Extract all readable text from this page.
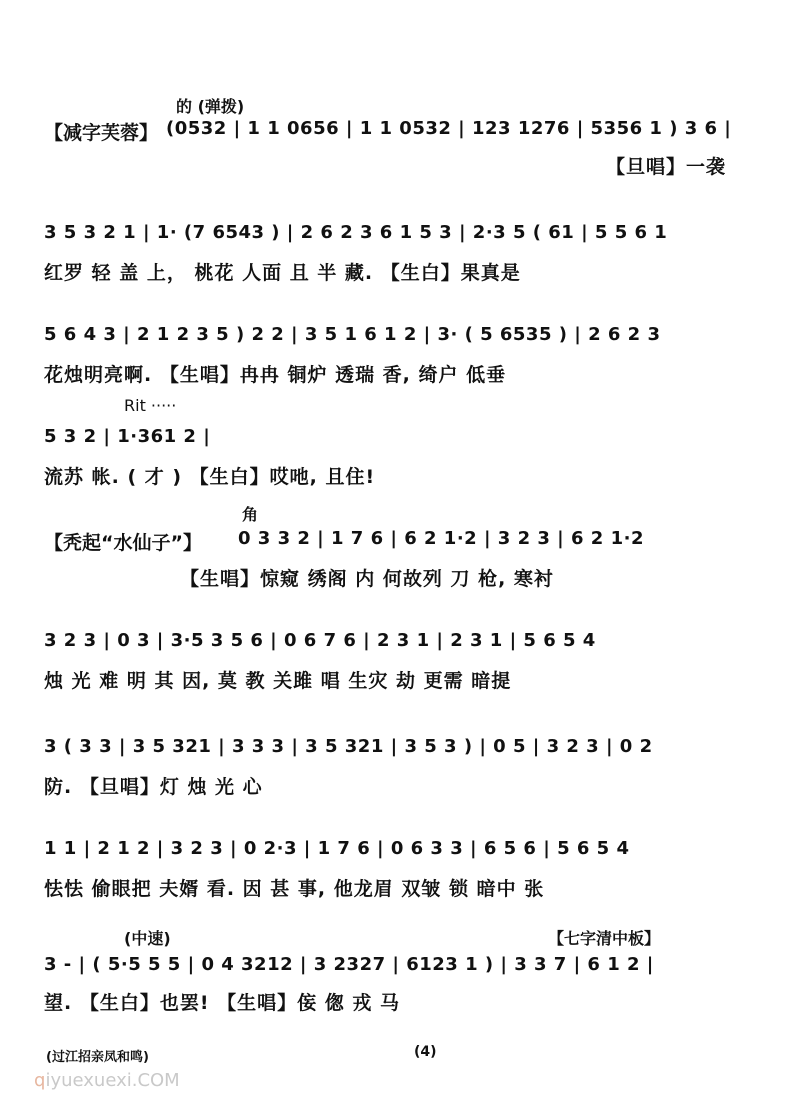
的 (弹拨)
【减字芙蓉】 (0532 | 1 1 0656 | 1 1 0532 | 123 1276 | 5356 1 ) 3 6 |
【旦唱】一袭
3 5 3 2 1 | 1· (7 6543 ) | 2 6 2 3 6 1 5 3 | 2·3 5 ( 61 | 5 5 6 1
红罗 轻 盖 上， 桃花 人面 且 半 藏. 【生白】果真是
5 6 4 3 | 2 1 2 3 5 ) 2 2 | 3 5 1 6 1 2 | 3· ( 5 6535 ) | 2 6 2 3
花烛明亮啊. 【生唱】冉冉 铜炉 透瑞 香, 绮户 低垂
Rit ·····
5 3 2 | 1·361 2 |
流苏 帐. ( 才 ) 【生白】哎吔, 且住!
角
【秃起“水仙子”】 0 3 3 2 | 1 7 6 | 6 2 1·2 | 3 2 3 | 6 2 1·2
【生唱】惊窥 绣阁 内 何故列 刀 枪, 寒衬
3 2 3 | 0 3 | 3·5 3 5 6 | 0 6 7 6 | 2 3 1 | 2 3 1 | 5 6 5 4
烛 光 难 明 其 因, 莫 教 关雎 唱 生灾 劫 更需 暗提
3 ( 3 3 | 3 5 321 | 3 3 3 | 3 5 321 | 3 5 3 ) | 0 5 | 3 2 3 | 0 2
防. 【旦唱】灯 烛 光 心
1 1 | 2 1 2 | 3 2 3 | 0 2·3 | 1 7 6 | 0 6 3 3 | 6 5 6 | 5 6 5 4
怯怯 偷眼把 夫婿 看. 因 甚 事, 他龙眉 双皱 锁 暗中 张
(中速)	【七字清中板】
3 - | ( 5·5 5 5 | 0 4 3212 | 3 2327 | 6123 1 ) | 3 3 7 | 6 1 2 |
望. 【生白】也罢! 【生唱】侫 偬 戎 马
(过江招亲凤和鸣)	(4)
qiyuexuexi.COM
